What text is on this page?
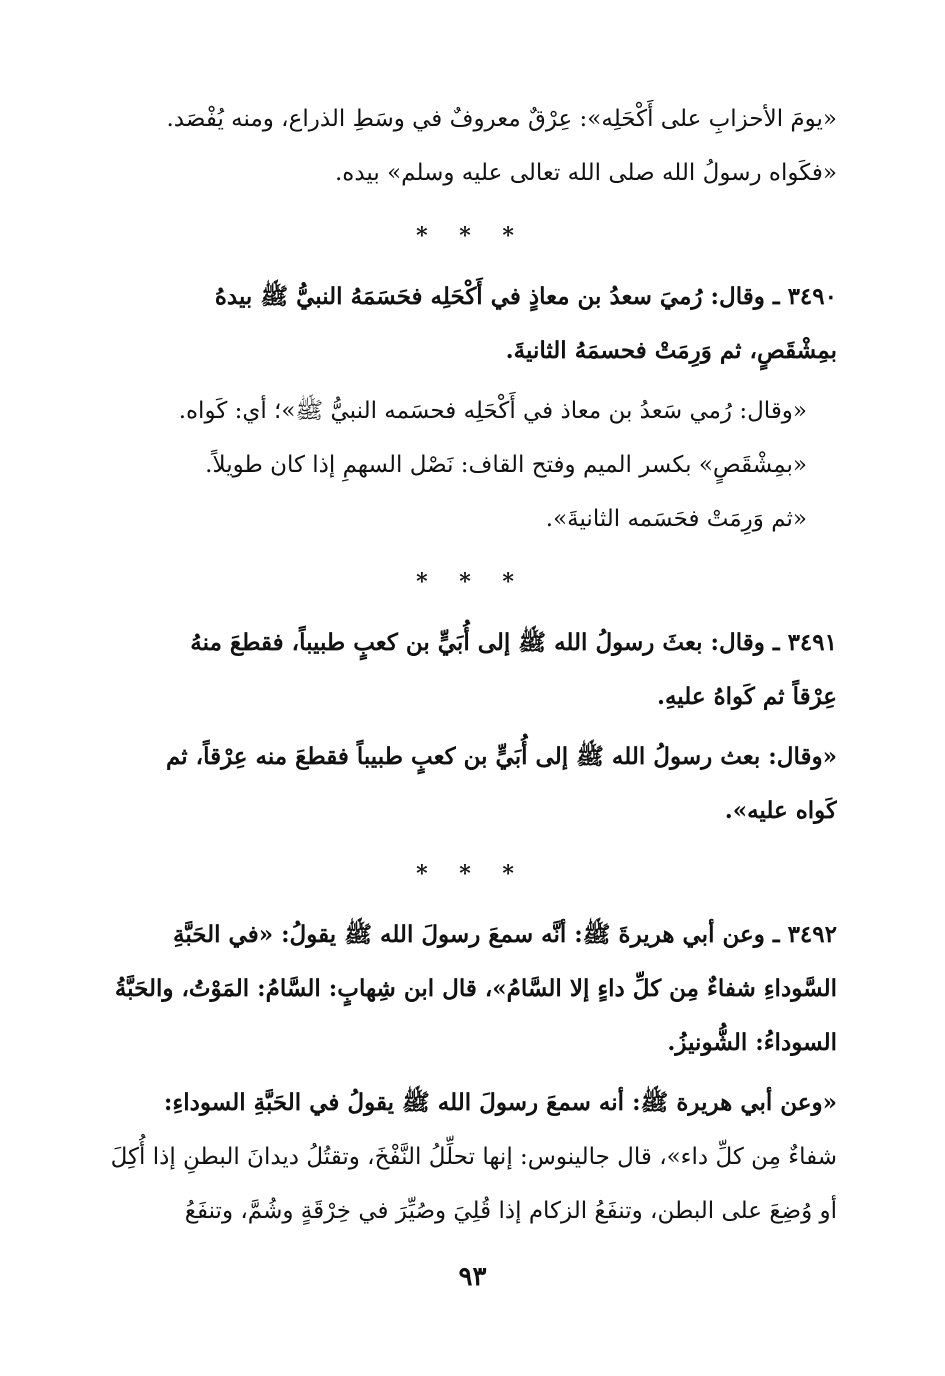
«يومَ الأحزابِ على أَكْحَلِه»: عِرْقٌ معروفٌ في وسَطِ الذراع، ومنه يُفْصَد.
«فكَواه رسولُ الله صلى الله تعالى عليه وسلم» بيده.
* * *
٣٤٩٠ ـ وقال: رُميَ سعدُ بن معاذٍ في أَكْحَلِه فحَسَمَهُ النبيُّ ﷺ بيدهُ
بمِشْقَصٍ، ثم وَرِمَتْ فحسمَهُ الثانيةَ.
«وقال: رُمي سَعدُ بن معاذ في أَكْحَلِه فحسَمه النبيُّ ﷺ»؛ أي: كَواه.
«بمِشْقَصٍ» بكسر الميم وفتح القاف: نَصْل السهمِ إذا كان طويلاً.
«ثم وَرِمَتْ فحَسَمه الثانيةَ».
* * *
٣٤٩١ ـ وقال: بعثَ رسولُ الله ﷺ إلى أُبَيٍّ بن كعبٍ طبيباً، فقطعَ منهُ
عِرْقاً ثم كَواهُ عليهِ.
«وقال: بعث رسولُ الله ﷺ إلى أُبَيٍّ بن كعبٍ طبيباً فقطعَ منه عِرْقاً، ثم
كَواه عليه».
* * *
٣٤٩٢ ـ وعن أبي هريرةَ ﷺ: أنَّه سمعَ رسولَ الله ﷺ يقولُ: «في الحَبَّةِ
السَّوداءِ شفاءٌ مِن كلِّ داءٍ إلا السَّامُ»، قال ابن شِهابٍ: السَّامُ: المَوْتُ، والحَبَّةُ
السوداءُ: الشُّونيزُ.
«وعن أبي هريرة ﷺ: أنه سمعَ رسولَ الله ﷺ يقولُ في الحَبَّةِ السوداءِ:
شفاءٌ مِن كلِّ داء»، قال جالينوس: إنها تحلِّلُ النَّفْخَ، وتقتُلُ ديدانَ البطنِ إذا أُكِلَ
أو وُضِعَ على البطن، وتنفَعُ الزكام إذا قُلِيَ وصُيِّرَ في خِرْقَةٍ وشُمَّ، وتنفَعُ
٩٣
